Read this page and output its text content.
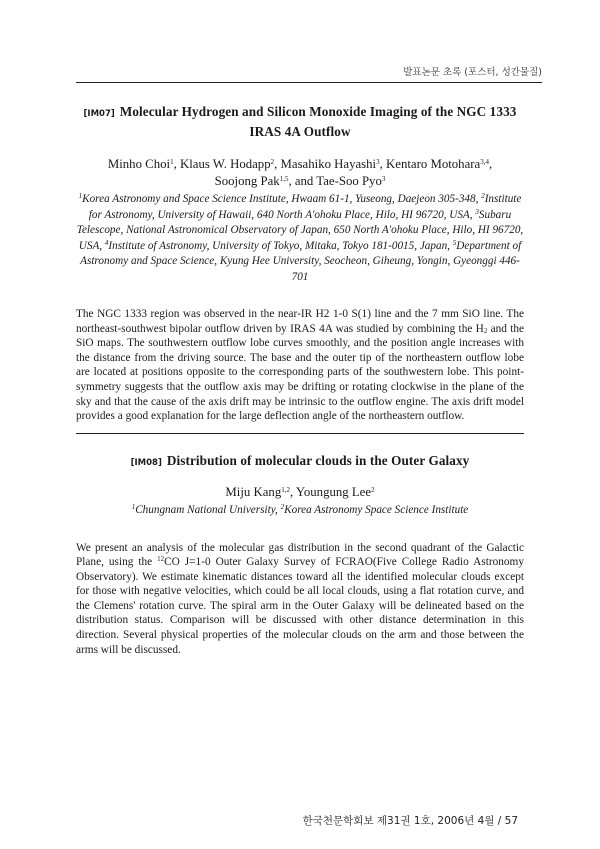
발표논문 초록 (포스터, 성간물질)
[IM07] Molecular Hydrogen and Silicon Monoxide Imaging of the NGC 1333 IRAS 4A Outflow

Minho Choi$^1$, Klaus W. Hodapp$^2$, Masahiko Hayashi$^3$, Kentaro Motohara$^{3,4}$,
Soojong Pak$^{1,5}$, and Tae-Soo Pyo$^3$

$^1$Korea Astronomy and Space Science Institute, Hwaam 61-1, Yuseong, Daejeon 305-348, $^2$Institute for Astronomy, University of Hawaii, 640 North A'ohoku Place, Hilo, HI 96720, USA, $^3$Subaru Telescope, National Astronomical Observatory of Japan, 650 North A'ohoku Place, Hilo, HI 96720, USA, $^4$Institute of Astronomy, University of Tokyo, Mitaka, Tokyo 181-0015, Japan, $^5$Department of Astronomy and Space Science, Kyung Hee University, Seocheon, Giheung, Yongin, Gyeonggi 446-701

The NGC 1333 region was observed in the near-IR H2 1-0 S(1) line and the 7 mm SiO line. The northeast-southwest bipolar outflow driven by IRAS 4A was studied by combining the $H_2$ and the SiO maps. The southwestern outflow lobe curves smoothly, and the position angle increases with the distance from the driving source. The base and the outer tip of the northeastern outflow lobe are located at positions opposite to the corresponding parts of the southwestern lobe. This point-symmetry suggests that the outflow axis may be drifting or rotating clockwise in the plane of the sky and that the cause of the axis drift may be intrinsic to the outflow engine. The axis drift model provides a good explanation for the large deflection angle of the northeastern outflow.

[IM08] Distribution of molecular clouds in the Outer Galaxy

Miju Kang$^{1,2}$, Youngung Lee$^2$

$^1$Chungnam National University, $^2$Korea Astronomy Space Science Institute

We present an analysis of the molecular gas distribution in the second quadrant of the Galactic Plane, using the $^{12}$CO J=1-0 Outer Galaxy Survey of FCRAO(Five College Radio Astronomy Observatory). We estimate kinematic distances toward all the identified molecular clouds except for those with negative velocities, which could be all local clouds, using a flat rotation curve, and the Clemens' rotation curve. The spiral arm in the Outer Galaxy will be delineated based on the distribution status. Comparison will be discussed with other distance determination in this direction. Several physical properties of the molecular clouds on the arm and those between the arms will be discussed.

한국천문학회보 제31권 1호, 2006년 4월 / 57
